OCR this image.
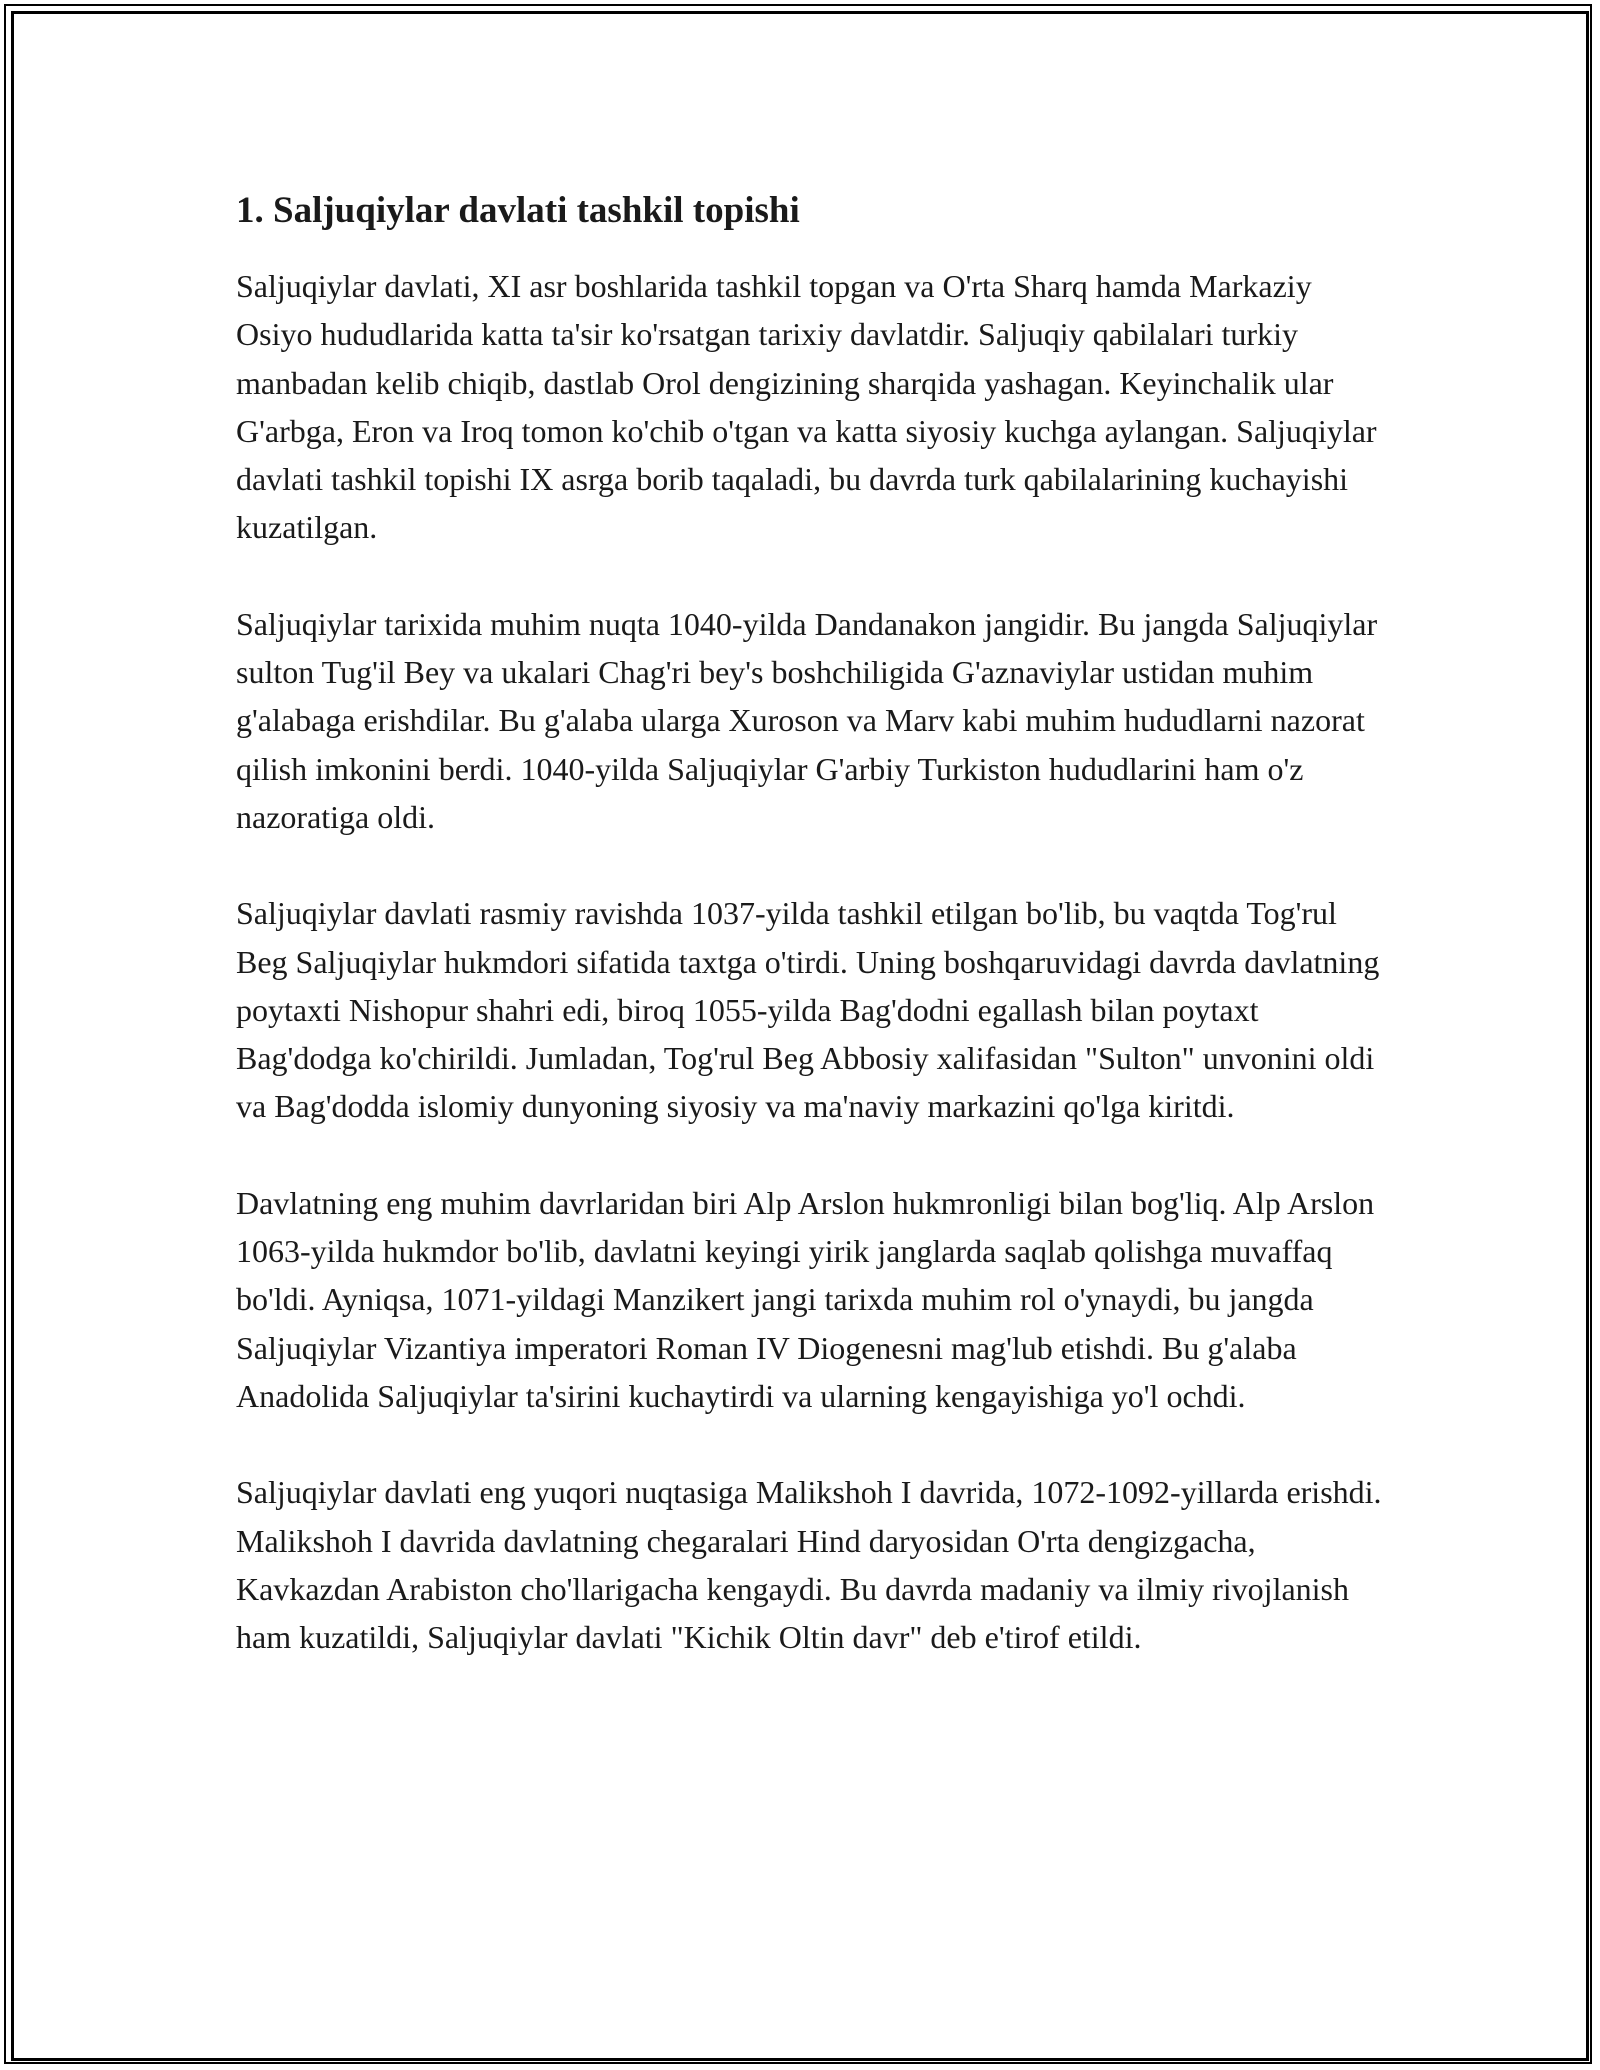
1. Saljuqiylar davlati tashkil topishi

Saljuqiylar davlati, XI asr boshlarida tashkil topgan va O'rta Sharq hamda Markaziy Osiyo hududlarida katta ta'sir ko'rsatgan tarixiy davlatdir. Saljuqiy qabilalari turkiy manbadan kelib chiqib, dastlab Orol dengizining sharqida yashagan. Keyinchalik ular G'arbga, Eron va Iroq tomon ko'chib o'tgan va katta siyosiy kuchga aylangan. Saljuqiylar davlati tashkil topishi IX asrga borib taqaladi, bu davrda turk qabilalarining kuchayishi kuzatilgan.

Saljuqiylar tarixida muhim nuqta 1040-yilda Dandanakon jangidir. Bu jangda Saljuqiylar sulton Tug'il Bey va ukalari Chag'ri bey's boshchiligida G'aznaviylar ustidan muhim g'alabaga erishdilar. Bu g'alaba ularga Xuroson va Marv kabi muhim hududlarni nazorat qilish imkonini berdi. 1040-yilda Saljuqiylar G'arbiy Turkiston hududlarini ham o'z nazoratiga oldi.

Saljuqiylar davlati rasmiy ravishda 1037-yilda tashkil etilgan bo'lib, bu vaqtda Tog'rul Beg Saljuqiylar hukmdori sifatida taxtga o'tirdi. Uning boshqaruvidagi davrda davlatning poytaxti Nishopur shahri edi, biroq 1055-yilda Bag'dodni egallash bilan poytaxt Bag'dodga ko'chirildi. Jumladan, Tog'rul Beg Abbosiy xalifasidan "Sulton" unvonini oldi va Bag'dodda islomiy dunyoning siyosiy va ma'naviy markazini qo'lga kiritdi.

Davlatning eng muhim davrlaridan biri Alp Arslon hukmronligi bilan bog'liq. Alp Arslon 1063-yilda hukmdor bo'lib, davlatni keyingi yirik janglarda saqlab qolishga muvaffaq bo'ldi. Ayniqsa, 1071-yildagi Manzikert jangi tarixda muhim rol o'ynaydi, bu jangda Saljuqiylar Vizantiya imperatori Roman IV Diogenesni mag'lub etishdi. Bu g'alaba Anadolida Saljuqiylar ta'sirini kuchaytirdi va ularning kengayishiga yo'l ochdi.

Saljuqiylar davlati eng yuqori nuqtasiga Malikshoh I davrida, 1072-1092-yillarda erishdi. Malikshoh I davrida davlatning chegaralari Hind daryosidan O'rta dengizgacha, Kavkazdan Arabiston cho'llarigacha kengaydi. Bu davrda madaniy va ilmiy rivojlanish ham kuzatildi, Saljuqiylar davlati "Kichik Oltin davr" deb e'tirof etildi.
